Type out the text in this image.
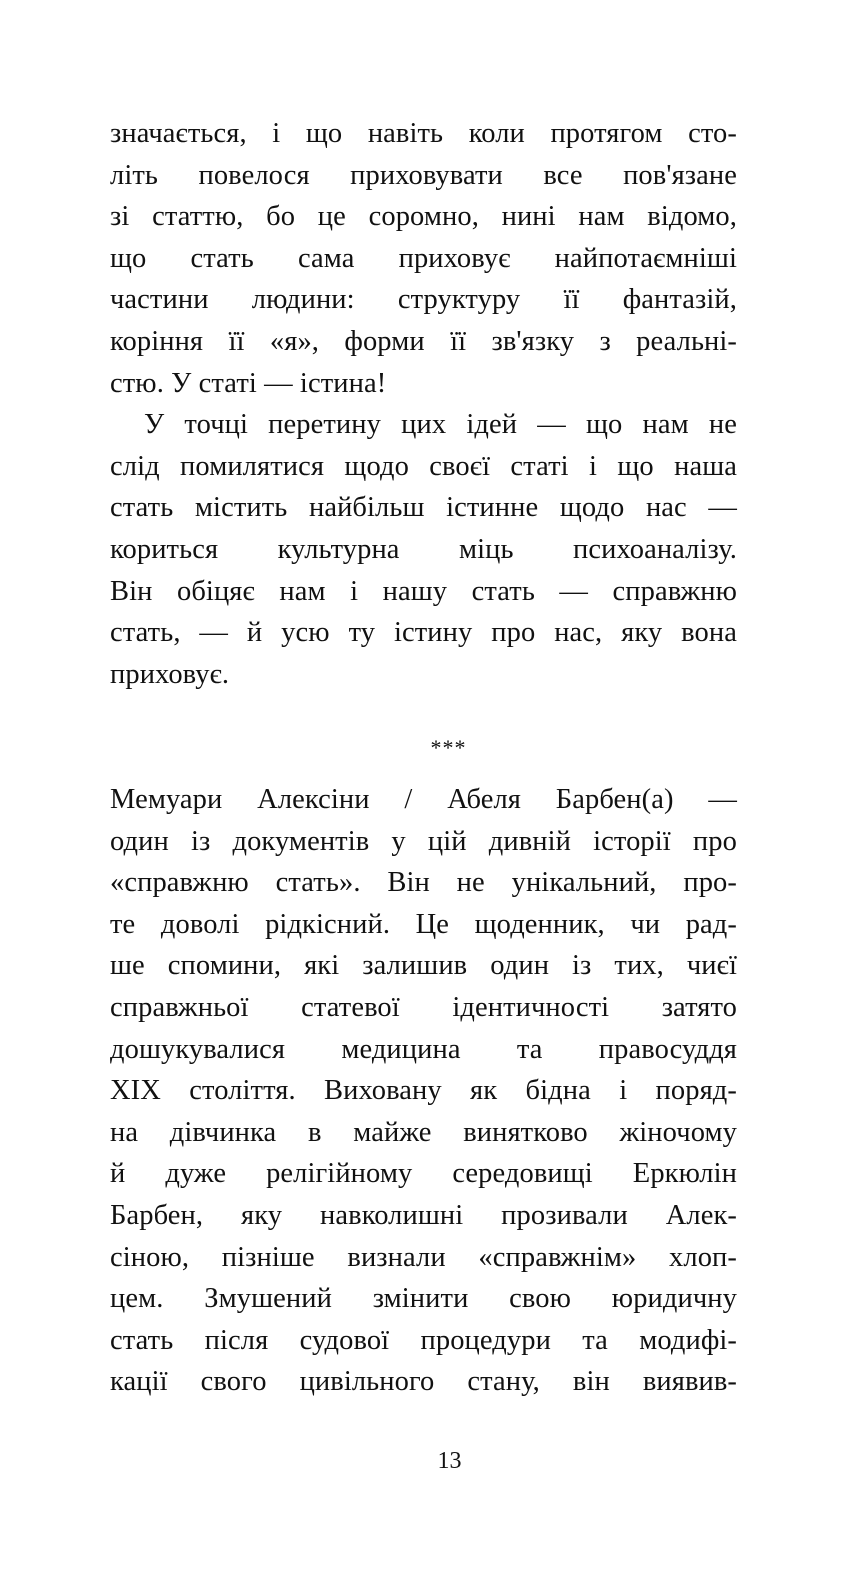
значається, і що навіть коли протягом сто-
літь повелося приховувати все пов'язане
зі статтю, бо це соромно, нині нам відомо,
що стать сама приховує найпотаємніші
частини людини: структуру її фантазій,
коріння її «я», форми її зв'язку з реальні-
стю. У статі — істина!
У точці перетину цих ідей — що нам не
слід помилятися щодо своєї статі і що наша
стать містить найбільш істинне щодо нас —
кориться культурна міць психоаналізу.
Він обіцяє нам і нашу стать — справжню
стать, — й усю ту істину про нас, яку вона
приховує.
***
Мемуари Алексіни / Абеля Барбен(а) —
один із документів у цій дивній історії про
«справжню стать». Він не унікальний, про-
те доволі рідкісний. Це щоденник, чи рад-
ше спомини, які залишив один із тих, чиєї
справжньої статевої ідентичності затято
дошукувалися медицина та правосуддя
XIX століття. Виховану як бідна і поряд-
на дівчинка в майже винятково жіночому
й дуже релігійному середовищі Еркюлін
Барбен, яку навколишні прозивали Алек-
сіною, пізніше визнали «справжнім» хлоп-
цем. Змушений змінити свою юридичну
стать після судової процедури та модифі-
кації свого цивільного стану, він виявив-
13
